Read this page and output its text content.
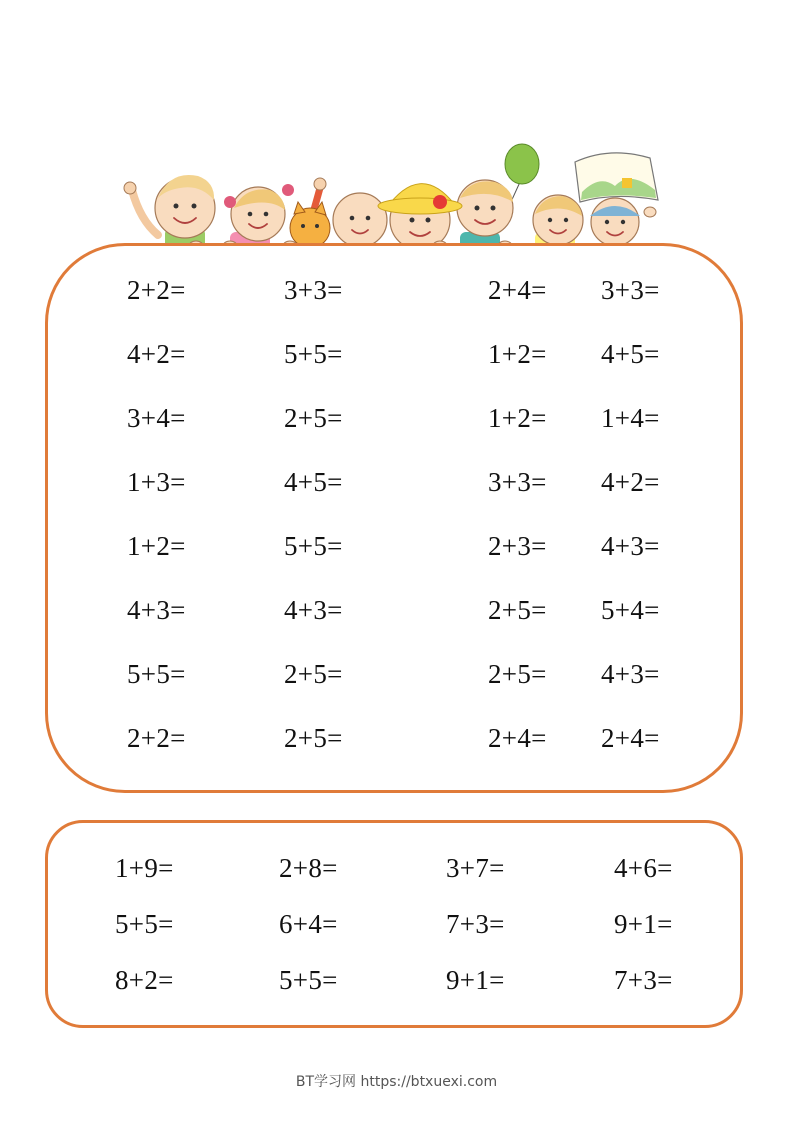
2+2=	3+3=	2+4= 3+3=
4+2=	5+5=	1+2= 4+5=
3+4=	2+5=	1+2= 1+4=
1+3=	4+5=	3+3= 4+2=
1+2=	5+5=	2+3= 4+3=
4+3=	4+3=	2+5= 5+4=
5+5=	2+5=	2+5= 4+3=
2+2=	2+5=	2+4= 2+4=
1+9=	2+8=	3+7=	4+6=
5+5=	6+4=	7+3=	9+1=
8+2=	5+5=	9+1=	7+3=
BT学习网 https://btxuexi.com
